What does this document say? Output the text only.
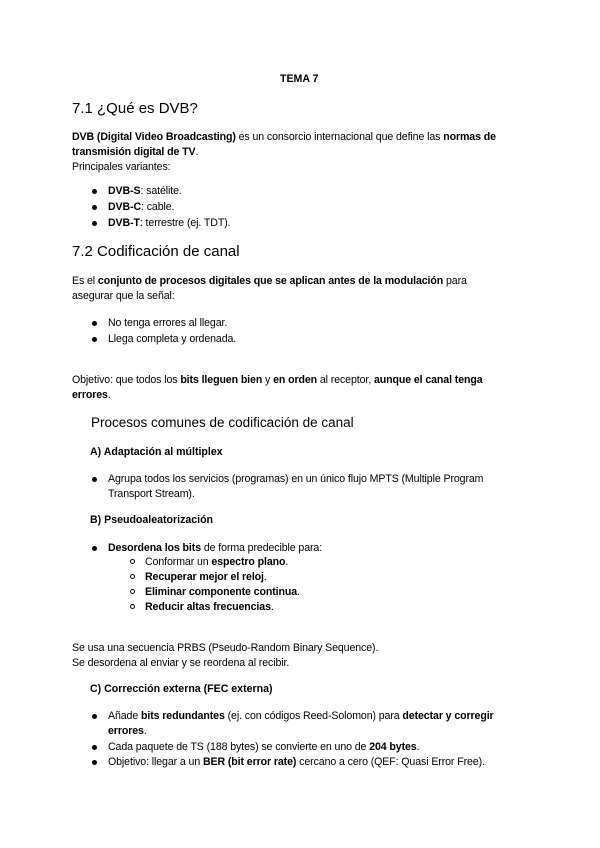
TEMA 7
7.1 ¿Qué es DVB?
DVB (Digital Video Broadcasting) es un consorcio internacional que define las normas de
transmisión digital de TV.
Principales variantes:
DVB-S: satélite.
DVB-C: cable.
DVB-T: terrestre (ej. TDT).
7.2 Codificación de canal
Es el conjunto de procesos digitales que se aplican antes de la modulación para
asegurar que la señal:
No tenga errores al llegar.
Llega completa y ordenada.
Objetivo: que todos los bits lleguen bien y en orden al receptor, aunque el canal tenga
errores.
Procesos comunes de codificación de canal
A) Adaptación al múltiplex
Agrupa todos los servicios (programas) en un único flujo MPTS (Multiple Program
Transport Stream).
B) Pseudoaleatorización
Desordena los bits de forma predecible para:
Conformar un espectro plano.
Recuperar mejor el reloj.
Eliminar componente continua.
Reducir altas frecuencias.
Se usa una secuencia PRBS (Pseudo-Random Binary Sequence).
Se desordena al enviar y se reordena al recibir.
C) Corrección externa (FEC externa)
Añade bits redundantes (ej. con códigos Reed-Solomon) para detectar y corregir
errores.
Cada paquete de TS (188 bytes) se convierte en uno de 204 bytes.
Objetivo: llegar a un BER (bit error rate) cercano a cero (QEF: Quasi Error Free).
